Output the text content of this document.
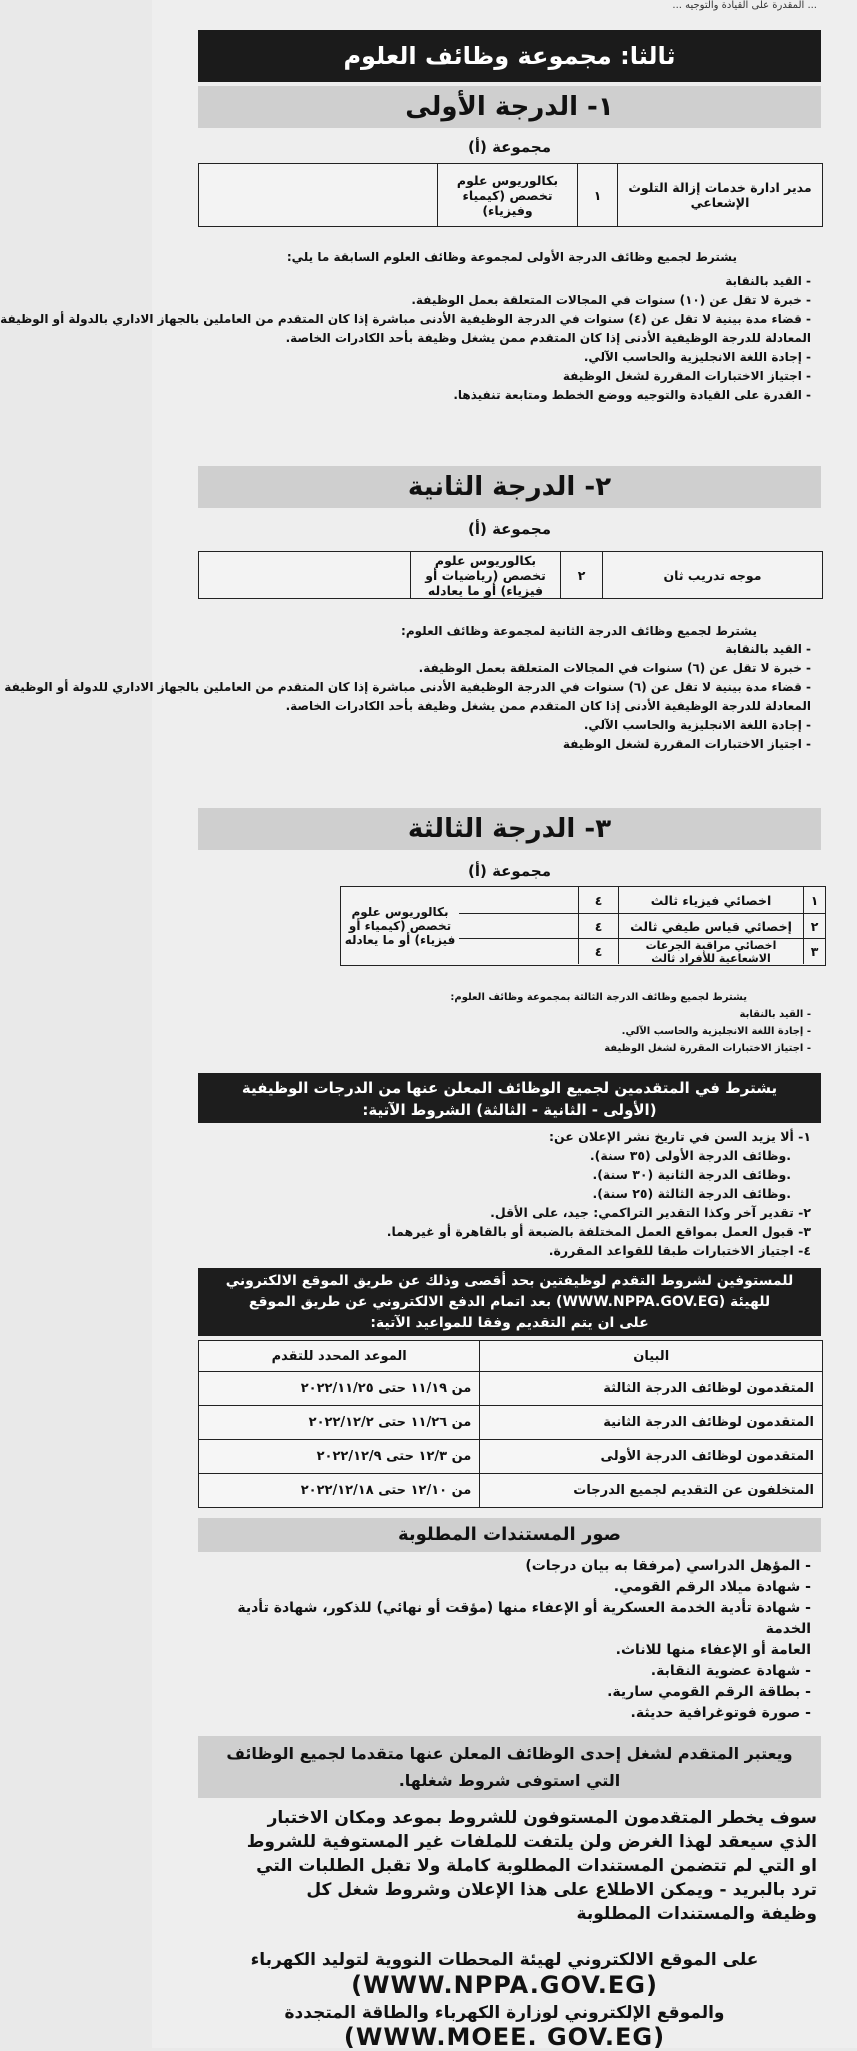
... المقدرة على القيادة والتوجيه ...
ثالثا: مجموعة وظائف العلوم
١- الدرجة الأولى
مجموعة (أ)
مدير ادارة خدمات إزالة التلوث الإشعاعي
١
بكالوريوس علوم تخصص (كيمياء وفيزياء)
يشترط لجميع وظائف الدرجة الأولى لمجموعة وظائف العلوم السابقة ما يلي:
- القيد بالنقابة
- خبرة لا تقل عن (١٠) سنوات في المجالات المتعلقة بعمل الوظيفة.
- قضاء مدة بينية لا تقل عن (٤) سنوات في الدرجة الوظيفية الأدنى مباشرة إذا كان المتقدم من العاملين بالجهاز الاداري بالدولة أو الوظيفة
المعادلة للدرجة الوظيفية الأدنى إذا كان المتقدم ممن يشغل وظيفة بأحد الكادرات الخاصة.
- إجادة اللغة الانجليزية والحاسب الآلي.
- اجتياز الاختبارات المقررة لشغل الوظيفة
- القدرة على القيادة والتوجيه ووضع الخطط ومتابعة تنفيذها.
٢- الدرجة الثانية
مجموعة (أ)
موجه تدريب ثان
٢
بكالوريوس علوم تخصص (رياضيات أو فيزياء) أو ما يعادله
يشترط لجميع وظائف الدرجة الثانية لمجموعة وظائف العلوم:
- القيد بالنقابة
- خبرة لا تقل عن (٦) سنوات في المجالات المتعلقة بعمل الوظيفة.
- قضاء مدة بينية لا تقل عن (٦) سنوات في الدرجة الوظيفية الأدنى مباشرة إذا كان المتقدم من العاملين بالجهاز الاداري للدولة أو الوظيفة
المعادلة للدرجة الوظيفية الأدنى إذا كان المتقدم ممن يشغل وظيفة بأحد الكادرات الخاصة.
- إجادة اللغة الانجليزية والحاسب الآلي.
- اجتياز الاختبارات المقررة لشغل الوظيفة
٣- الدرجة الثالثة
مجموعة (أ)
١
اخصائي فيزياء ثالث
٤
٢
إخصائي قياس طيفي ثالث
٤
٣
اخصائي مراقبة الجرعات الاشعاعية للأفراد ثالث
٤
بكالوريوس علوم تخصص (كيمياء أو فيزياء) أو ما يعادله
يشترط لجميع وظائف الدرجة الثالثة بمجموعة وظائف العلوم:
- القيد بالنقابة
- إجادة اللغة الانجليزية والحاسب الآلي.
- اجتياز الاختبارات المقررة لشغل الوظيفة
يشترط في المتقدمين لجميع الوظائف المعلن عنها من الدرجات الوظيفية
(الأولى - الثانية - الثالثة) الشروط الآتية:
١- ألا يزيد السن في تاريخ نشر الإعلان عن:
.وظائف الدرجة الأولى (٣٥ سنة).
.وظائف الدرجة الثانية (٣٠ سنة).
.وظائف الدرجة الثالثة (٢٥ سنة).
٢- تقدير آخر وكذا التقدير التراكمي: جيد، على الأقل.
٣- قبول العمل بمواقع العمل المختلفة بالضبعة أو بالقاهرة أو غيرهما.
٤- اجتياز الاختبارات طبقا للقواعد المقررة.
للمستوفين لشروط التقدم لوظيفتين بحد أقصى وذلك عن طريق الموقع الالكتروني
للهيئة (WWW.NPPA.GOV.EG) بعد اتمام الدفع الالكتروني عن طريق الموقع
على ان يتم التقديم وفقا للمواعيد الآتية:
البيان
الموعد المحدد للتقدم
المتقدمون لوظائف الدرجة الثالثة
من ١١/١٩ حتى ٢٠٢٢/١١/٢٥
المتقدمون لوظائف الدرجة الثانية
من ١١/٢٦ حتى ٢٠٢٢/١٢/٢
المتقدمون لوظائف الدرجة الأولى
من ١٢/٣ حتى ٢٠٢٢/١٢/٩
المتخلفون عن التقديم لجميع الدرجات
من ١٢/١٠ حتى ٢٠٢٢/١٢/١٨
صور المستندات المطلوبة
- المؤهل الدراسي (مرفقا به بيان درجات)
- شهادة ميلاد الرقم القومي.
- شهادة تأدية الخدمة العسكرية أو الإعفاء منها (مؤقت أو نهائي) للذكور، شهادة تأدية الخدمة
العامة أو الإعفاء منها للاناث.
- شهادة عضوية النقابة.
- بطاقة الرقم القومي سارية.
- صورة فوتوغرافية حديثة.
ويعتبر المتقدم لشغل إحدى الوظائف المعلن عنها متقدما لجميع الوظائف
التي استوفى شروط شغلها.
سوف يخطر المتقدمون المستوفون للشروط بموعد ومكان الاختبار
الذي سيعقد لهذا الغرض ولن يلتفت للملفات غير المستوفية للشروط
او التي لم تتضمن المستندات المطلوبة كاملة ولا تقبل الطلبات التي
ترد بالبريد - ويمكن الاطلاع على هذا الإعلان وشروط شغل كل
وظيفة والمستندات المطلوبة
على الموقع الالكتروني لهيئة المحطات النووية لتوليد الكهرباء
(WWW.NPPA.GOV.EG)
والموقع الإلكتروني لوزارة الكهرباء والطاقة المتجددة
(WWW.MOEE. GOV.EG)
